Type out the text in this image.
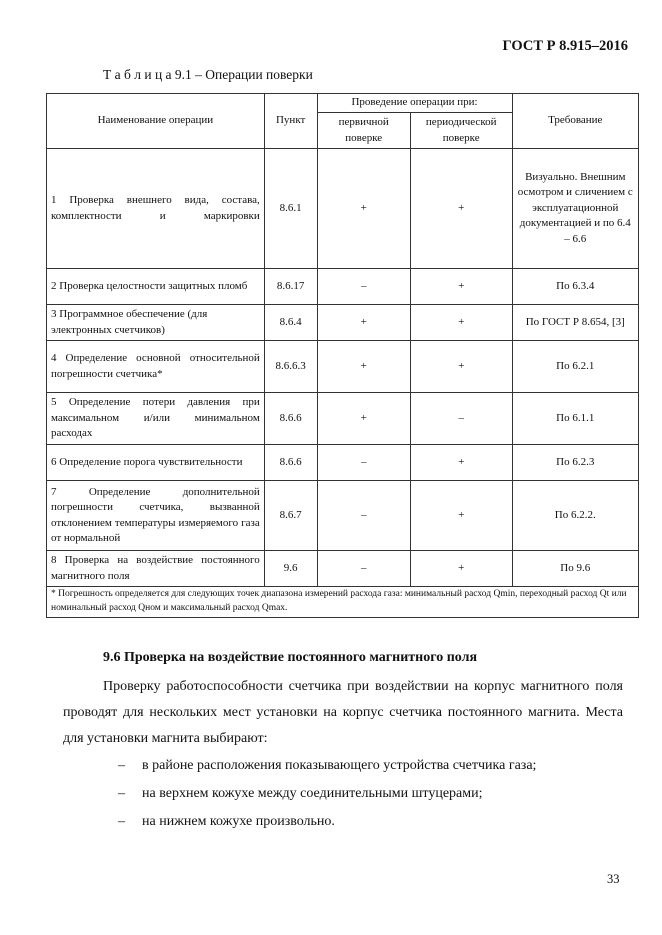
ГОСТ Р 8.915–2016
Т а б л и ц а 9.1 – Операции поверки
Наименование операции	Пункт	Проведение операции при:		Требование
		первичной поверке	периодической поверке	
1 Проверка внешнего вида, состава, комплектности и маркировки	8.6.1	+	+	Визуально. Внешним осмотром и сличением с эксплуатационной документацией и по 6.4 – 6.6
2 Проверка целостности защитных пломб	8.6.17	–	+	По 6.3.4
3 Программное обеспечение (для электронных счетчиков)	8.6.4	+	+	По ГОСТ Р 8.654, [3]
4 Определение основной относительной погрешности счетчика*	8.6.6.3	+	+	По 6.2.1
5 Определение потери давления при максимальном и/или минимальном расходах	8.6.6	+	–	По 6.1.1
6 Определение порога чувствительности	8.6.6	–	+	По 6.2.3
7 Определение дополнительной погрешности счетчика, вызванной отклонением температуры измеряемого газа от нормальной	8.6.7	–	+	По 6.2.2.
8 Проверка на воздействие постоянного магнитного поля	9.6	–	+	По 9.6
* Погрешность определяется для следующих точек диапазона измерений расхода газа: минимальный расход Qmin, переходный расход Qt или номинальный расход Qном и максимальный расход Qmax.				
9.6 Проверка на воздействие постоянного магнитного поля

Проверку работоспособности счетчика при воздействии на корпус магнитного поля проводят для нескольких мест установки на корпус счетчика постоянного магнита. Места для установки магнита выбирают:

– в районе расположения показывающего устройства счетчика газа;
– на верхнем кожухе между соединительными штуцерами;
– на нижнем кожухе произвольно.
33
